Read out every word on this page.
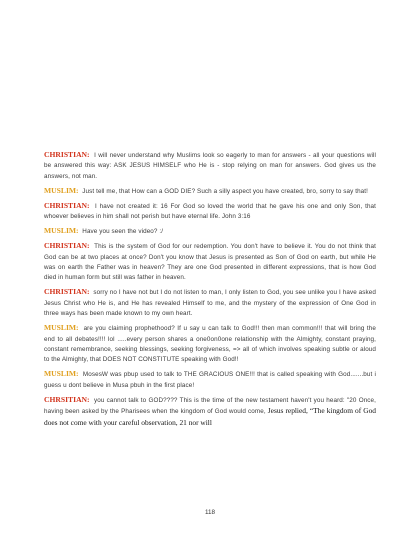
CHRISTIAN: I will never understand why Muslims look so eagerly to man for answers - all your questions will be answered this way: ASK JESUS HIMSELF who He is - stop relying on man for answers. God gives us the answers, not man.

MUSLIM: Just tell me, that How can a GOD DIE? Such a silly aspect you have created, bro, sorry to say that!

CHRISTIAN: I have not created it: 16 For God so loved the world that he gave his one and only Son, that whoever believes in him shall not perish but have eternal life. John 3:16

MUSLIM: Have you seen the video? :/

CHRISTIAN: This is the system of God for our redemption. You don't have to believe it. You do not think that God can be at two places at once? Don't you know that Jesus is presented as Son of God on earth, but while He was on earth the Father was in heaven? They are one God presented in different expressions, that is how God died in human form but still was father in heaven.

CHRISTIAN: sorry no I have not but I do not listen to man, I only listen to God, you see unlike you I have asked Jesus Christ who He is, and He has revealed Himself to me, and the mystery of the expression of One God in three ways has been made known to my own heart.

MUSLIM: are you claiming prophethood? If u say u can talk to God!!! then man common!!! that will bring the end to all debates!!!! lol .....every person shares a one0on0one relationship with the Almighty, constant praying, constant remembrance, seeking blessings, seeking forgiveness, => all of which involves speaking subtle or aloud to the Almighty, that DOES NOT CONSTITUTE speaking with God!!

MUSLIM: MosesW was pbup used to talk to THE GRACIOUS ONE!!! that is called speaking with God.......but i guess u dont believe in Musa pbuh in the first place!

CHRSITIAN: you cannot talk to GOD???? This is the time of the new testament haven't you heard: "20 Once, having been asked by the Pharisees when the kingdom of God would come, Jesus replied, “The kingdom of God does not come with your careful observation, 21 nor will

118
